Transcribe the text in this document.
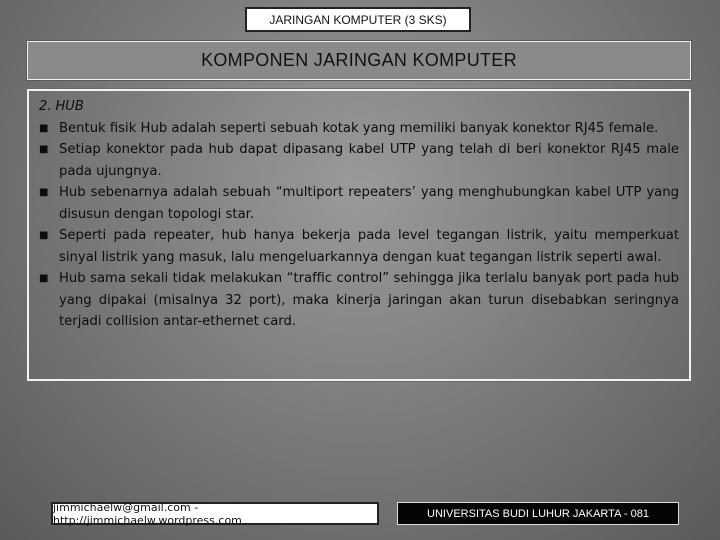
JARINGAN KOMPUTER (3 SKS)
KOMPONEN JARINGAN KOMPUTER
2. HUB
■ Bentuk fisik Hub adalah seperti sebuah kotak yang memiliki banyak konektor RJ45 female.
■ Setiap konektor pada hub dapat dipasang kabel UTP yang telah di beri konektor RJ45 male pada ujungnya.
■ Hub sebenarnya adalah sebuah “multiport repeaters’ yang menghubungkan kabel UTP yang disusun dengan topologi star.
■ Seperti pada repeater, hub hanya bekerja pada level tegangan listrik, yaitu memperkuat sinyal listrik yang masuk, lalu mengeluarkannya dengan kuat tegangan listrik seperti awal.
■ Hub sama sekali tidak melakukan “traffic control” sehingga jika terlalu banyak port pada hub yang dipakai (misalnya 32 port), maka kinerja jaringan akan turun disebabkan seringnya terjadi collision antar-ethernet card.
jimmichaelw@gmail.com - http://jimmichaelw.wordpress.com	UNIVERSITAS BUDI LUHUR JAKARTA - 081
